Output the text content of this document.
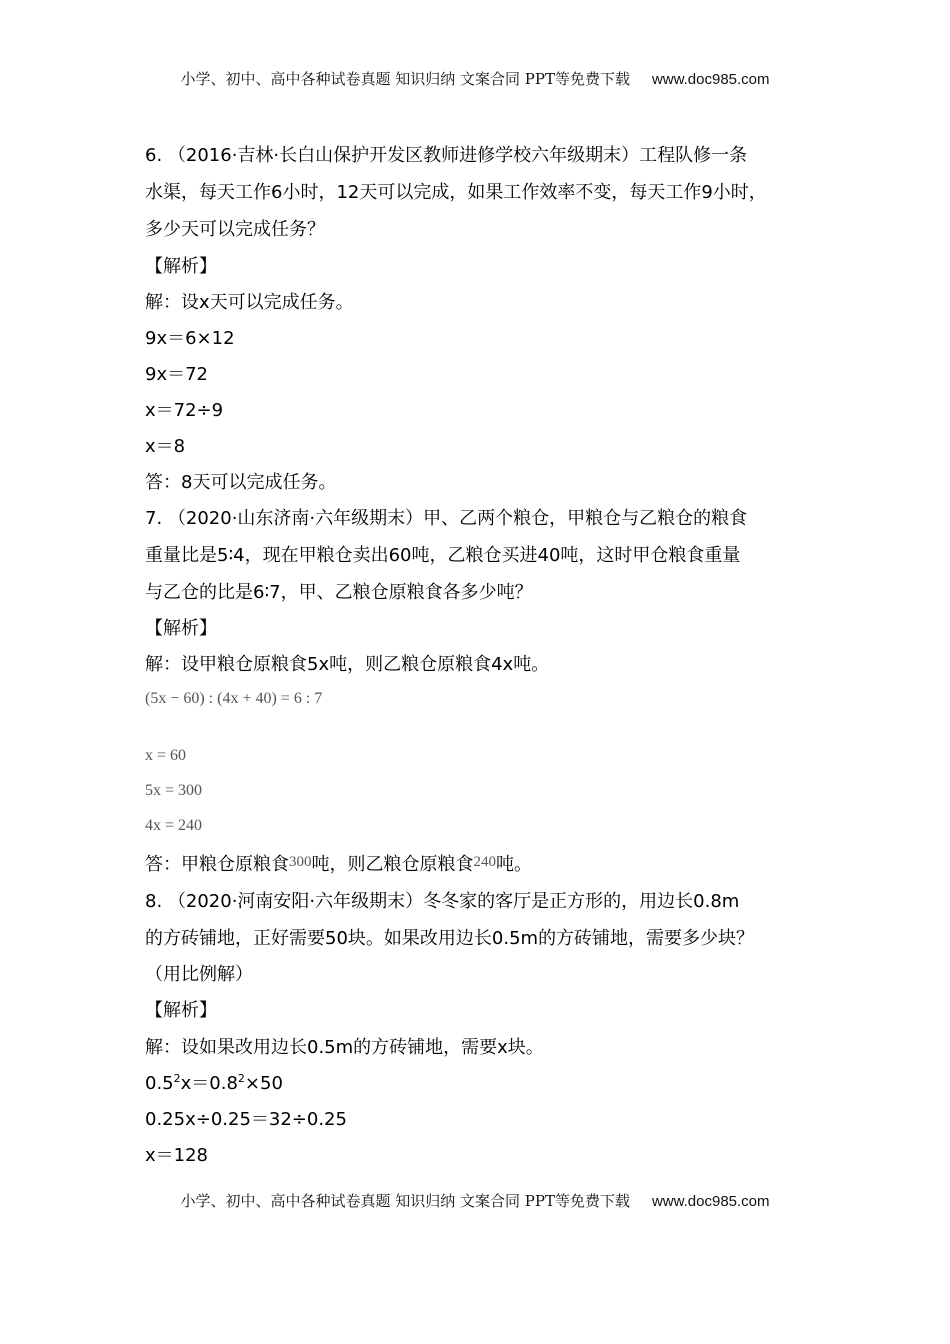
小学、初中、高中各种试卷真题 知识归纳 文案合同 PPT等免费下载 www.doc985.com
6. （2016·吉林·长白山保护开发区教师进修学校六年级期末）工程队修一条
水渠，每天工作6小时，12天可以完成，如果工作效率不变，每天工作9小时，
多少天可以完成任务？
【解析】
解：设x天可以完成任务。
9x＝6×12
9x＝72
x＝72÷9
x＝8
答：8天可以完成任务。
7. （2020·山东济南·六年级期末）甲、乙两个粮仓，甲粮仓与乙粮仓的粮食
重量比是5∶4，现在甲粮仓卖出60吨，乙粮仓买进40吨，这时甲仓粮食重量
与乙仓的比是6∶7，甲、乙粮仓原粮食各多少吨？
【解析】
解：设甲粮仓原粮食5x吨，则乙粮仓原粮食4x吨。
(5x − 60) : (4x + 40) = 6 : 7
x = 60
5x = 300
4x = 240
答：甲粮仓原粮食$^{300}$吨，则乙粮仓原粮食$^{240}$吨。
8. （2020·河南安阳·六年级期末）冬冬家的客厅是正方形的，用边长0.8m
的方砖铺地，正好需要50块。如果改用边长0.5m的方砖铺地，需要多少块？
（用比例解）
【解析】
解：设如果改用边长0.5m的方砖铺地，需要x块。
$0.5^2x=0.8^2\times 50$
0.25x÷0.25＝32÷0.25
x＝128
小学、初中、高中各种试卷真题 知识归纳 文案合同 PPT等免费下载 www.doc985.com
